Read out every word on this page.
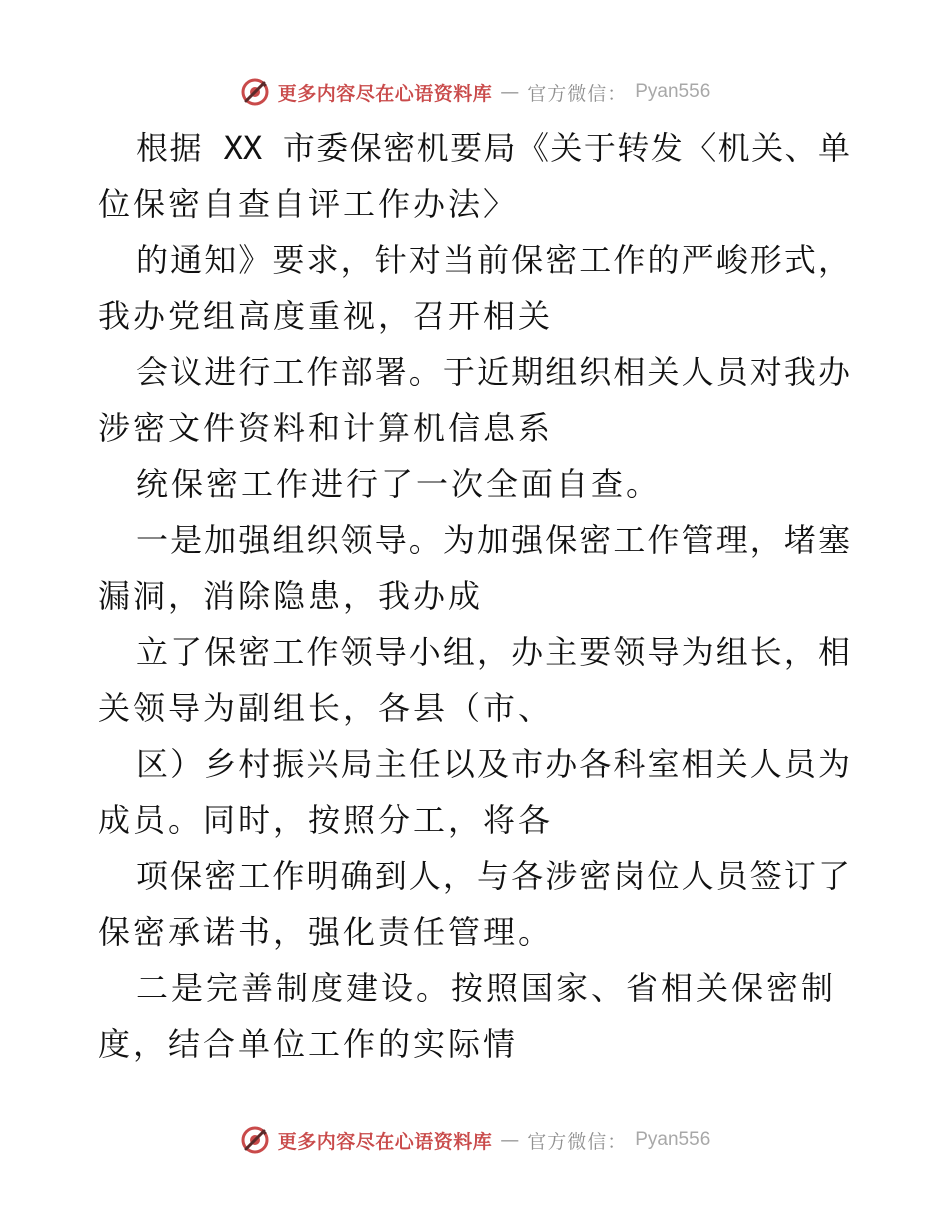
更多内容尽在心语资料库 — 官方微信： Pyan556
根据 XX 市委保密机要局《关于转发〈机关、单
位保密自查自评工作办法〉
的通知》要求，针对当前保密工作的严峻形式，
我办党组高度重视，召开相关
会议进行工作部署。于近期组织相关人员对我办
涉密文件资料和计算机信息系
统保密工作进行了一次全面自查。
一是加强组织领导。为加强保密工作管理，堵塞
漏洞，消除隐患，我办成
立了保密工作领导小组，办主要领导为组长，相
关领导为副组长，各县（市、
区）乡村振兴局主任以及市办各科室相关人员为
成员。同时，按照分工，将各
项保密工作明确到人，与各涉密岗位人员签订了
保密承诺书，强化责任管理。
二是完善制度建设。按照国家、省相关保密制
度，结合单位工作的实际情
更多内容尽在心语资料库 — 官方微信： Pyan556
